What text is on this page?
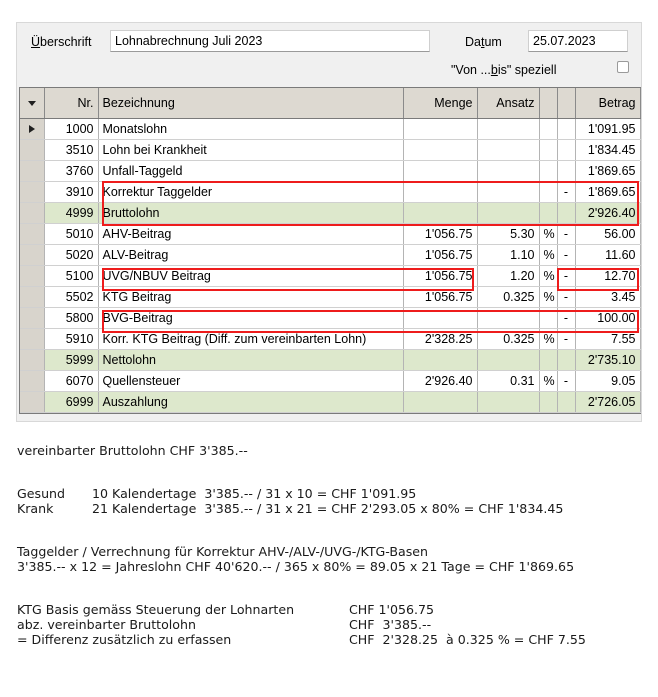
Überschrift	Lohnabrechnung Juli 2023	Datum	25.07.2023
"Von ...bis" speziell
	Nr.	Bezeichnung	Menge	Ansatz			Betrag
	1000	Monatslohn					1'091.95
	3510	Lohn bei Krankheit					1'834.45
	3760	Unfall-Taggeld					1'869.65
	3910	Korrektur Taggelder				-	1'869.65
	4999	Bruttolohn					2'926.40
	5010	AHV-Beitrag	1'056.75	5.30	%	-	56.00
	5020	ALV-Beitrag	1'056.75	1.10	%	-	11.60
	5100	UVG/NBUV Beitrag	1'056.75	1.20	%	-	12.70
	5502	KTG Beitrag	1'056.75	0.325	%	-	3.45
	5800	BVG-Beitrag				-	100.00
	5910	Korr. KTG Beitrag (Diff. zum vereinbarten Lohn)	2'328.25	0.325	%	-	7.55
	5999	Nettolohn					2'735.10
	6070	Quellensteuer	2'926.40	0.31	%	-	9.05
	6999	Auszahlung					2'726.05
vereinbarter Bruttolohn CHF 3'385.--
Gesund	10 Kalendertage  3'385.-- / 31 x 10 = CHF 1'091.95
Krank	21 Kalendertage  3'385.-- / 31 x 21 = CHF 2'293.05 x 80% = CHF 1'834.45
Taggelder / Verrechnung für Korrektur AHV-/ALV-/UVG-/KTG-Basen
3'385.-- x 12 = Jahreslohn CHF 40'620.-- / 365 x 80% = 89.05 x 21 Tage = CHF 1'869.65
KTG Basis gemäss Steuerung der Lohnarten	CHF 1'056.75
abz. vereinbarter Bruttolohn	CHF  3'385.--
= Differenz zusätzlich zu erfassen	CHF  2'328.25  à 0.325 % = CHF 7.55
